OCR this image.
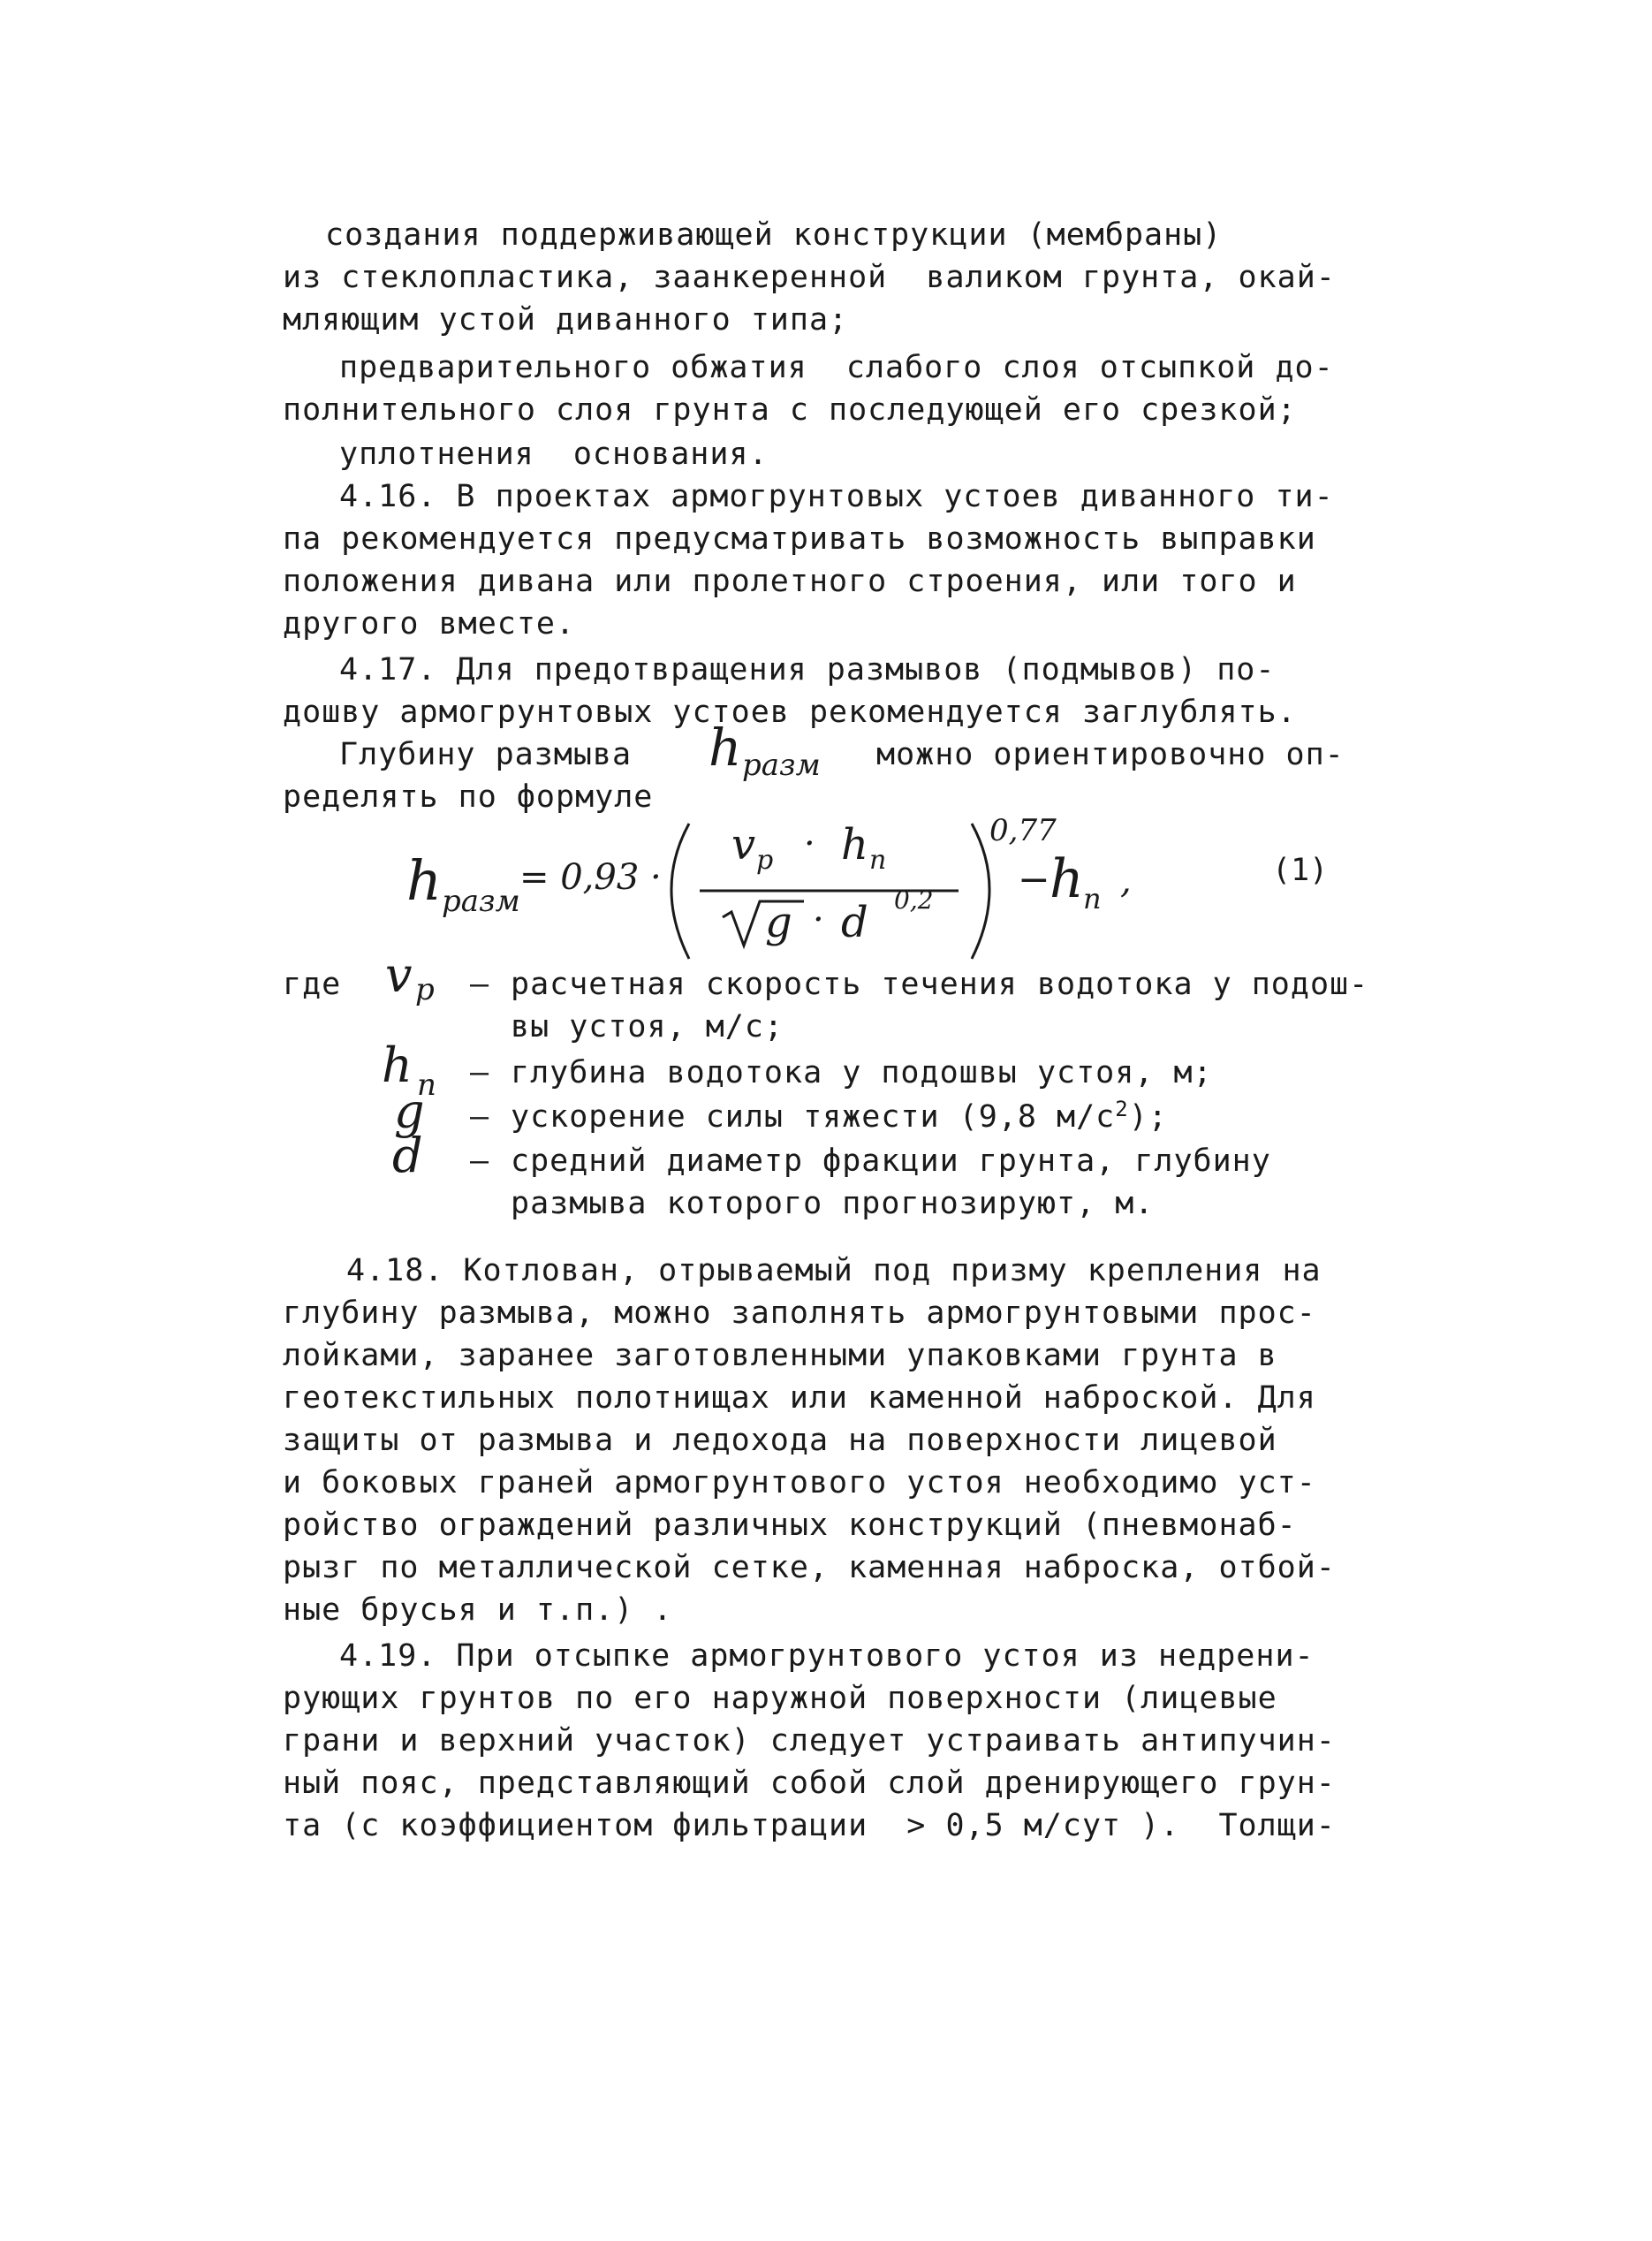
создания поддерживающей конструкции (мембраны)
из стеклопластика, заанкеренной  валиком грунта, окай-
мляющим устой диванного типа;
предварительного обжатия  слабого слоя отсыпкой до-
полнительного слоя грунта с последующей его срезкой;
уплотнения  основания.
4.16. В проектах армогрунтовых устоев диванного ти-
па рекомендуется предусматривать возможность выправки
положения дивана или пролетного строения, или того и
другого вместе.
4.17. Для предотвращения размывов (подмывов) по-
дошву армогрунтовых устоев рекомендуется заглублять.
Глубину размыва h разм можно ориентировочно оп-
ределять по формуле
h разм
= 0,93 ·
v р · h п
g · d 0,2
0,77
− h п ,	(1)
где v р – расчетная скорость течения водотока у подош-
вы устоя, м/с;
h п – глубина водотока у подошвы устоя, м;
g – ускорение силы тяжести (9,8 $м/с^2$);
d – средний диаметр фракции грунта, глубину
размыва которого прогнозируют, м.
4.18. Котлован, отрываемый под призму крепления на
глубину размыва, можно заполнять армогрунтовыми прос-
лойками, заранее заготовленными упаковками грунта в
геотекстильных полотнищах или каменной наброской. Для
защиты от размыва и ледохода на поверхности лицевой
и боковых граней армогрунтового устоя необходимо уст-
ройство ограждений различных конструкций (пневмонаб-
рызг по металлической сетке, каменная наброска, отбой-
ные брусья и т.п.) .
4.19. При отсыпке армогрунтового устоя из недрени-
рующих грунтов по его наружной поверхности (лицевые
грани и верхний участок) следует устраивать антипучин-
ный пояс, представляющий собой слой дренирующего грун-
та (с коэффициентом фильтрации  > 0,5 м/сут ).  Толщи-
